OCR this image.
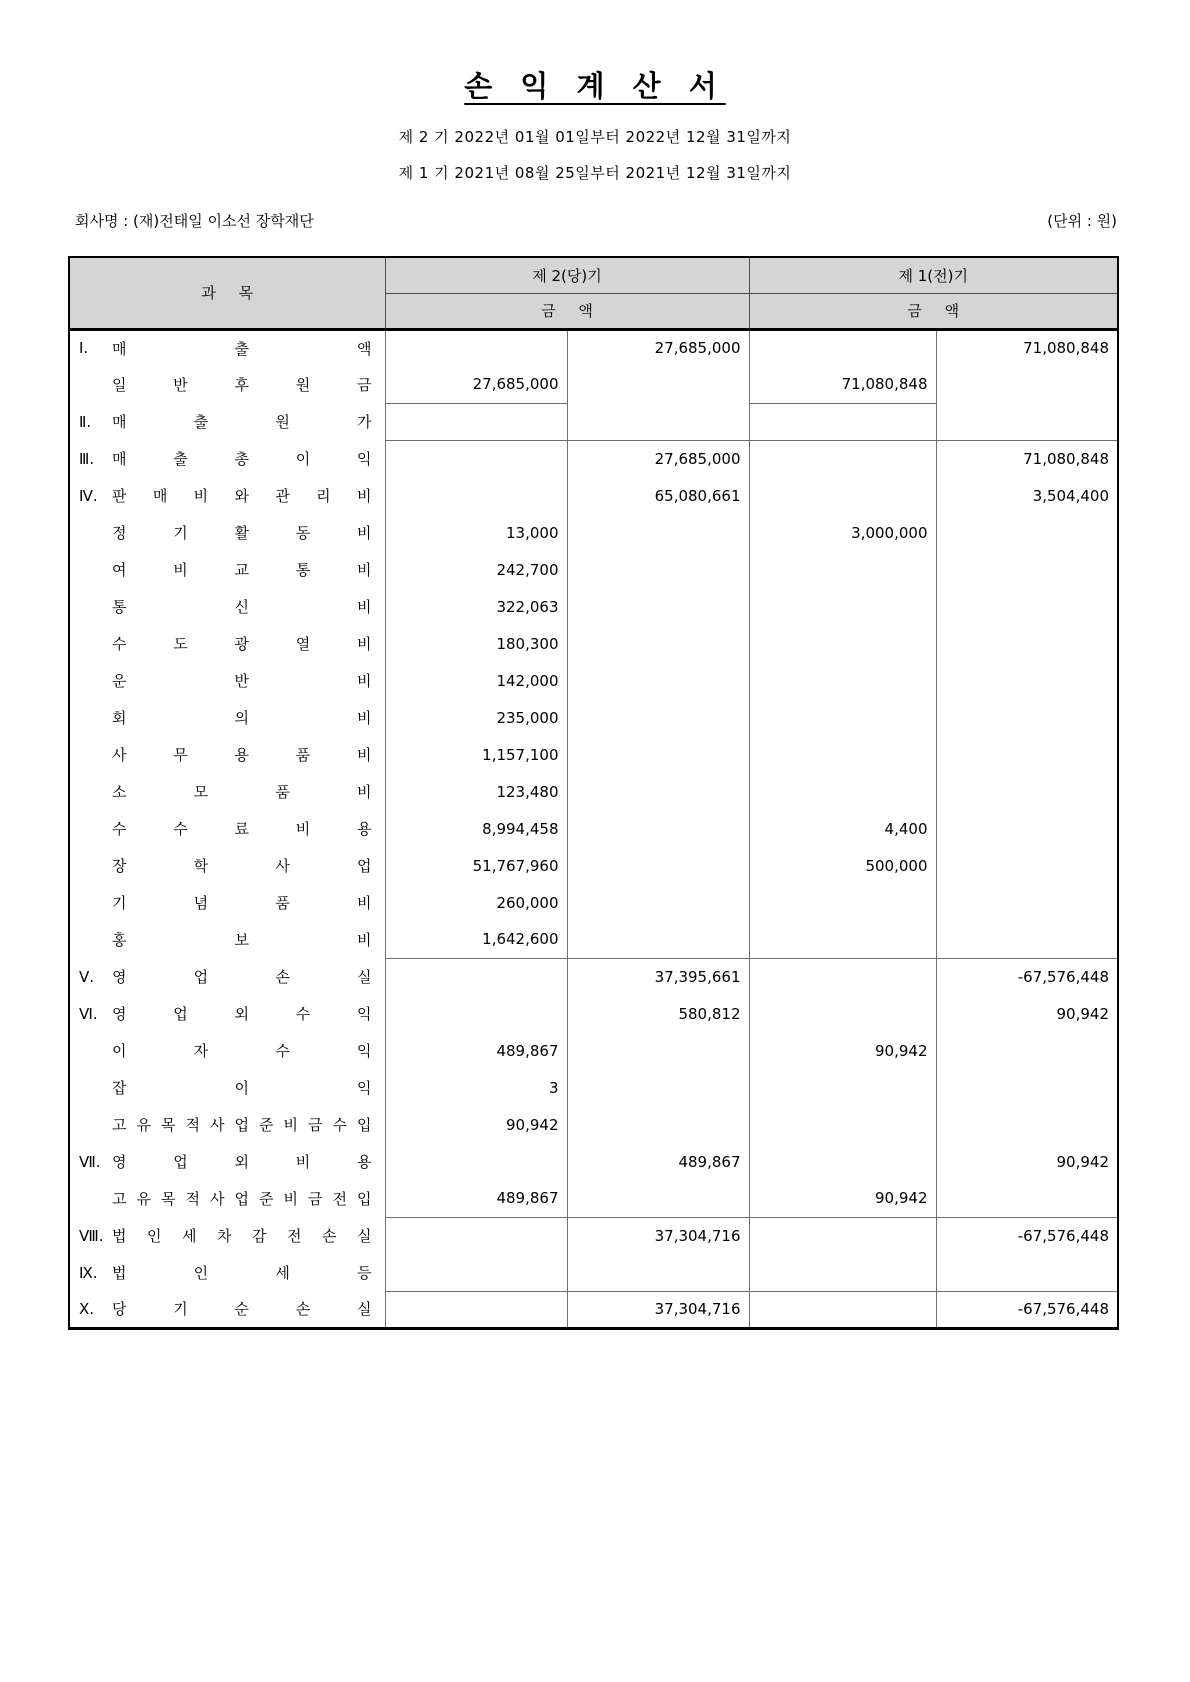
손 익 계 산 서
제 2 기 2022년 01월 01일부터 2022년 12월 31일까지
제 1 기 2021년 08월 25일부터 2021년 12월 31일까지
회사명 : (재)전태일 이소선 장학재단	(단위 : 원)
과 목	제 2(당)기		제 1(전)기	
	금 액		금 액	

Ⅰ. 매 출 액		27,685,000		71,080,848

일 반 후 원 금	27,685,000		71,080,848	

Ⅱ. 매 출 원 가				

Ⅲ.	매	출	총	이	익		27,685,000		71,080,848

Ⅳ. 판 매 비 와 관 리 비		65,080,661		3,504,400

정 기 활 동 비	13,000		3,000,000	

여 비 교 통 비	242,700			

통 신 비	322,063			

수 도 광 열 비	180,300			

운 반 비	142,000			

회 의 비	235,000			

사 무 용 품 비	1,157,100			

소 모 품 비	123,480			

수 수 료 비 용	8,994,458		4,400	

장 학 사 업	51,767,960		500,000	

기 념 품 비	260,000			

홍 보 비	1,642,600			

Ⅴ. 영 업 손 실		37,395,661		-67,576,448

Ⅵ. 영	업	외	수	익		580,812		90,942

이 자 수 익	489,867		90,942	

잡 이 익	3			

고 유 목 적 사 업 준 비 금 수 입	90,942			

Ⅶ. 영	업	외	비	용		489,867		90,942

고 유 목 적 사 업 준 비 금 전 입	489,867		90,942	

Ⅷ. 법 인 세 차 감 전 손 실		37,304,716		-67,576,448

Ⅸ. 법 인 세 등				

Ⅹ.	당	기	순	손	실		37,304,716		-67,576,448
